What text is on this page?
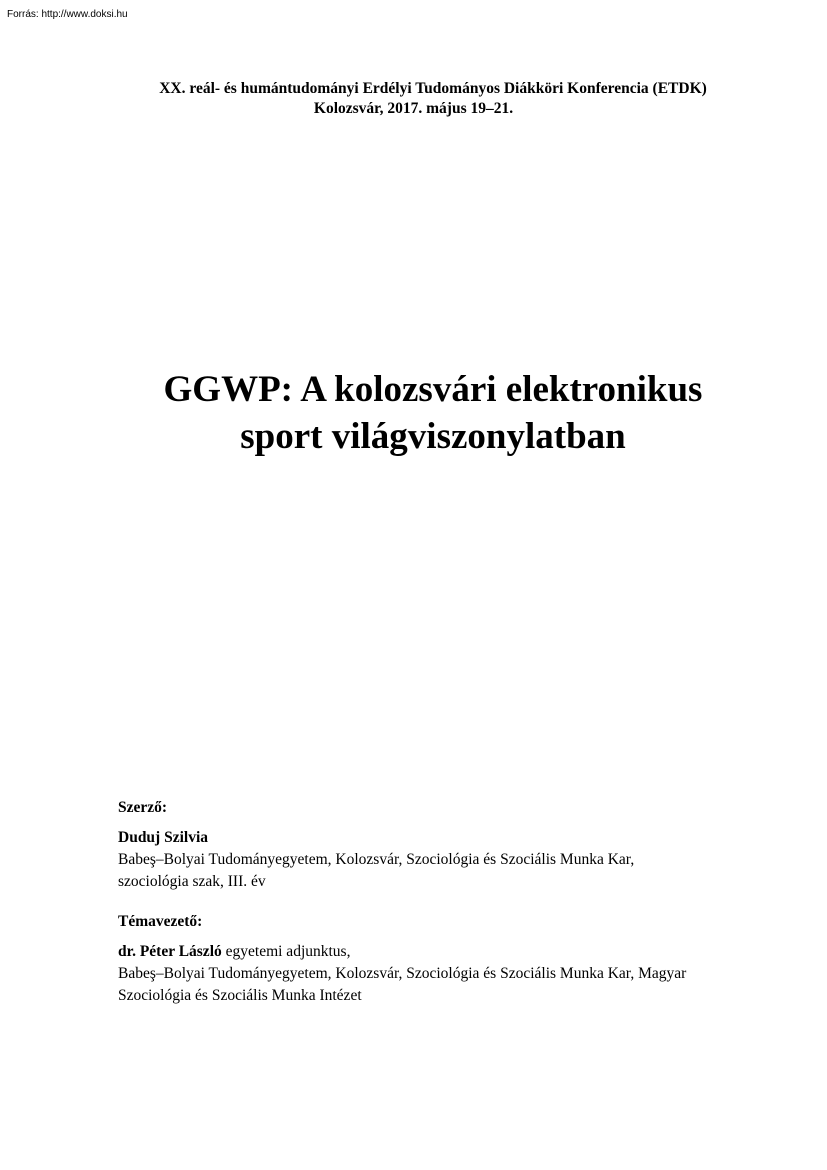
Forrás: http://www.doksi.hu
XX. reál- és humántudományi Erdélyi Tudományos Diákköri Konferencia (ETDK)
Kolozsvár, 2017. május 19–21.
GGWP: A kolozsvári elektronikus
sport világviszonylatban
Szerző:
Duduj Szilvia
Babeş–Bolyai Tudományegyetem, Kolozsvár, Szociológia és Szociális Munka Kar,
szociológia szak, III. év
Témavezető:
dr. Péter László egyetemi adjunktus,
Babeş–Bolyai Tudományegyetem, Kolozsvár, Szociológia és Szociális Munka Kar, Magyar
Szociológia és Szociális Munka Intézet
